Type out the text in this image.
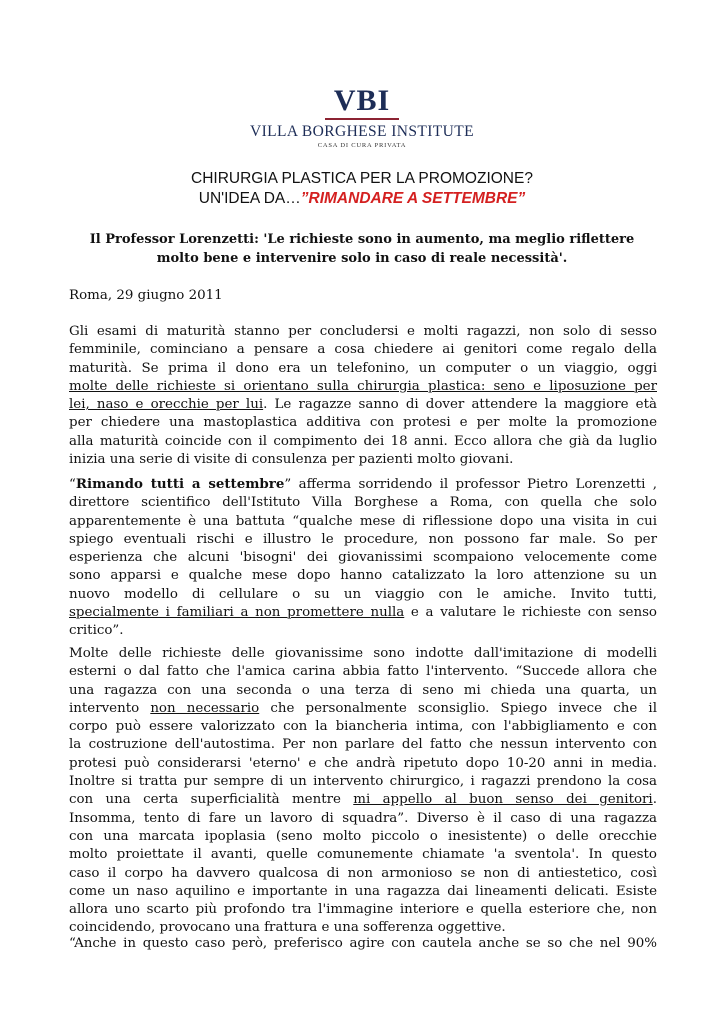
VBI
VILLA BORGHESE INSTITUTE
CASA DI CURA PRIVATA
CHIRURGIA PLASTICA PER LA PROMOZIONE?
UN'IDEA DA…”RIMANDARE A SETTEMBRE”
Il Professor Lorenzetti: 'Le richieste sono in aumento, ma meglio riflettere
molto bene e intervenire solo in caso di reale necessità'.
Roma, 29 giugno 2011
Gli esami di maturità stanno per concludersi e molti ragazzi, non solo di sesso
femminile, cominciano a pensare a cosa chiedere ai genitori come regalo della
maturità. Se prima il dono era un telefonino, un computer o un viaggio, oggi
molte delle richieste si orientano sulla chirurgia plastica: seno e liposuzione per
lei, naso e orecchie per lui. Le ragazze sanno di dover attendere la maggiore età
per chiedere una mastoplastica additiva con protesi e per molte la promozione
alla maturità coincide con il compimento dei 18 anni. Ecco allora che già da luglio
inizia una serie di visite di consulenza per pazienti molto giovani.
“Rimando tutti a settembre” afferma sorridendo il professor Pietro Lorenzetti ,
direttore scientifico dell'Istituto Villa Borghese a Roma, con quella che solo
apparentemente è una battuta “qualche mese di riflessione dopo una visita in cui
spiego eventuali rischi e illustro le procedure, non possono far male. So per
esperienza che alcuni 'bisogni' dei giovanissimi scompaiono velocemente come
sono apparsi e qualche mese dopo hanno catalizzato la loro attenzione su un
nuovo modello di cellulare o su un viaggio con le amiche. Invito tutti,
specialmente i familiari a non promettere nulla e a valutare le richieste con senso
critico”.
Molte delle richieste delle giovanissime sono indotte dall'imitazione di modelli
esterni o dal fatto che l'amica carina abbia fatto l'intervento. “Succede allora che
una ragazza con una seconda o una terza di seno mi chieda una quarta, un
intervento non necessario che personalmente sconsiglio. Spiego invece che il
corpo può essere valorizzato con la biancheria intima, con l'abbigliamento e con
la costruzione dell'autostima. Per non parlare del fatto che nessun intervento con
protesi può considerarsi 'eterno' e che andrà ripetuto dopo 10-20 anni in media.
Inoltre si tratta pur sempre di un intervento chirurgico, i ragazzi prendono la cosa
con una certa superficialità mentre mi appello al buon senso dei genitori.
Insomma, tento di fare un lavoro di squadra”. Diverso è il caso di una ragazza
con una marcata ipoplasia (seno molto piccolo o inesistente) o delle orecchie
molto proiettate il avanti, quelle comunemente chiamate 'a sventola'. In questo
caso il corpo ha davvero qualcosa di non armonioso se non di antiestetico, così
come un naso aquilino e importante in una ragazza dai lineamenti delicati. Esiste
allora uno scarto più profondo tra l'immagine interiore e quella esteriore che, non
coincidendo, provocano una frattura e una sofferenza oggettive.
“Anche in questo caso però, preferisco agire con cautela anche se so che nel 90%
